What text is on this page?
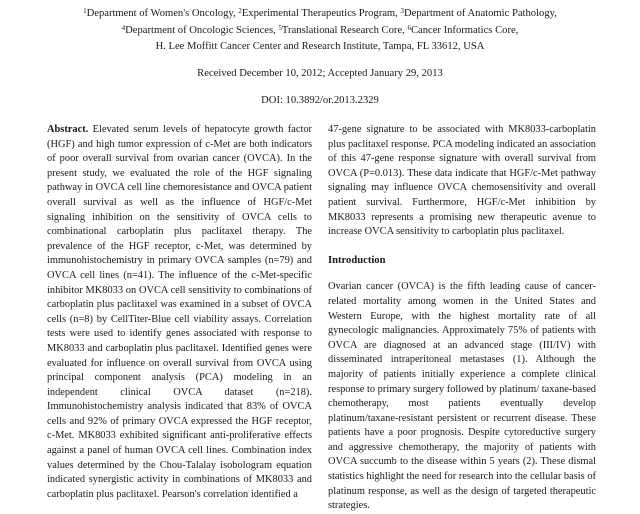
$^1$Department of Women's Oncology, $^2$Experimental Therapeutics Program, $^3$Department of Anatomic Pathology,
$^4$Department of Oncologic Sciences, $^5$Translational Research Core, $^6$Cancer Informatics Core,
H. Lee Moffitt Cancer Center and Research Institute, Tampa, FL 33612, USA
Received December 10, 2012; Accepted January 29, 2013
DOI: 10.3892/or.2013.2329

Abstract. Elevated serum levels of hepatocyte growth factor (HGF) and high tumor expression of c-Met are both indicators of poor overall survival from ovarian cancer (OVCA). In the present study, we evaluated the role of the HGF signaling pathway in OVCA cell line chemoresistance and OVCA patient overall survival as well as the influence of HGF/c-Met signaling inhibition on the sensitivity of OVCA cells to combinational carboplatin plus paclitaxel therapy. The prevalence of the HGF receptor, c-Met, was determined by immunohistochemistry in primary OVCA samples (n=79) and OVCA cell lines (n=41). The influence of the c-Met-specific inhibitor MK8033 on OVCA cell sensitivity to combinations of carboplatin plus paclitaxel was examined in a subset of OVCA cells (n=8) by CellTiter-Blue cell viability assays. Correlation tests were used to identify genes associated with response to MK8033 and carboplatin plus paclitaxel. Identified genes were evaluated for influence on overall survival from OVCA using principal component analysis (PCA) modeling in an independent clinical OVCA dataset (n=218). Immunohistochemistry analysis indicated that 83% of OVCA cells and 92% of primary OVCA expressed the HGF receptor, c-Met. MK8033 exhibited significant anti-proliferative effects against a panel of human OVCA cell lines. Combination index values determined by the Chou-Talalay isobologram equation indicated synergistic activity in combinations of MK8033 and carboplatin plus paclitaxel. Pearson's correlation identified a

47-gene signature to be associated with MK8033-carboplatin plus paclitaxel response. PCA modeling indicated an association of this 47-gene response signature with overall survival from OVCA (P=0.013). These data indicate that HGF/c-Met pathway signaling may influence OVCA chemosensitivity and overall patient survival. Furthermore, HGF/c-Met inhibition by MK8033 represents a promising new therapeutic avenue to increase OVCA sensitivity to carboplatin plus paclitaxel.

Introduction

Ovarian cancer (OVCA) is the fifth leading cause of cancer-related mortality among women in the United States and Western Europe, with the highest mortality rate of all gynecologic malignancies. Approximately 75% of patients with OVCA are diagnosed at an advanced stage (III/IV) with disseminated intraperitoneal metastases (1). Although the majority of patients initially experience a complete clinical response to primary surgery followed by platinum/ taxane-based chemotherapy, most patients eventually develop platinum/taxane-resistant persistent or recurrent disease. These patients have a poor prognosis. Despite cytoreductive surgery and aggressive chemotherapy, the majority of patients with OVCA succumb to the disease within 5 years (2). These dismal statistics highlight the need for research into the cellular basis of platinum response, as well as the design of targeted therapeutic strategies.
